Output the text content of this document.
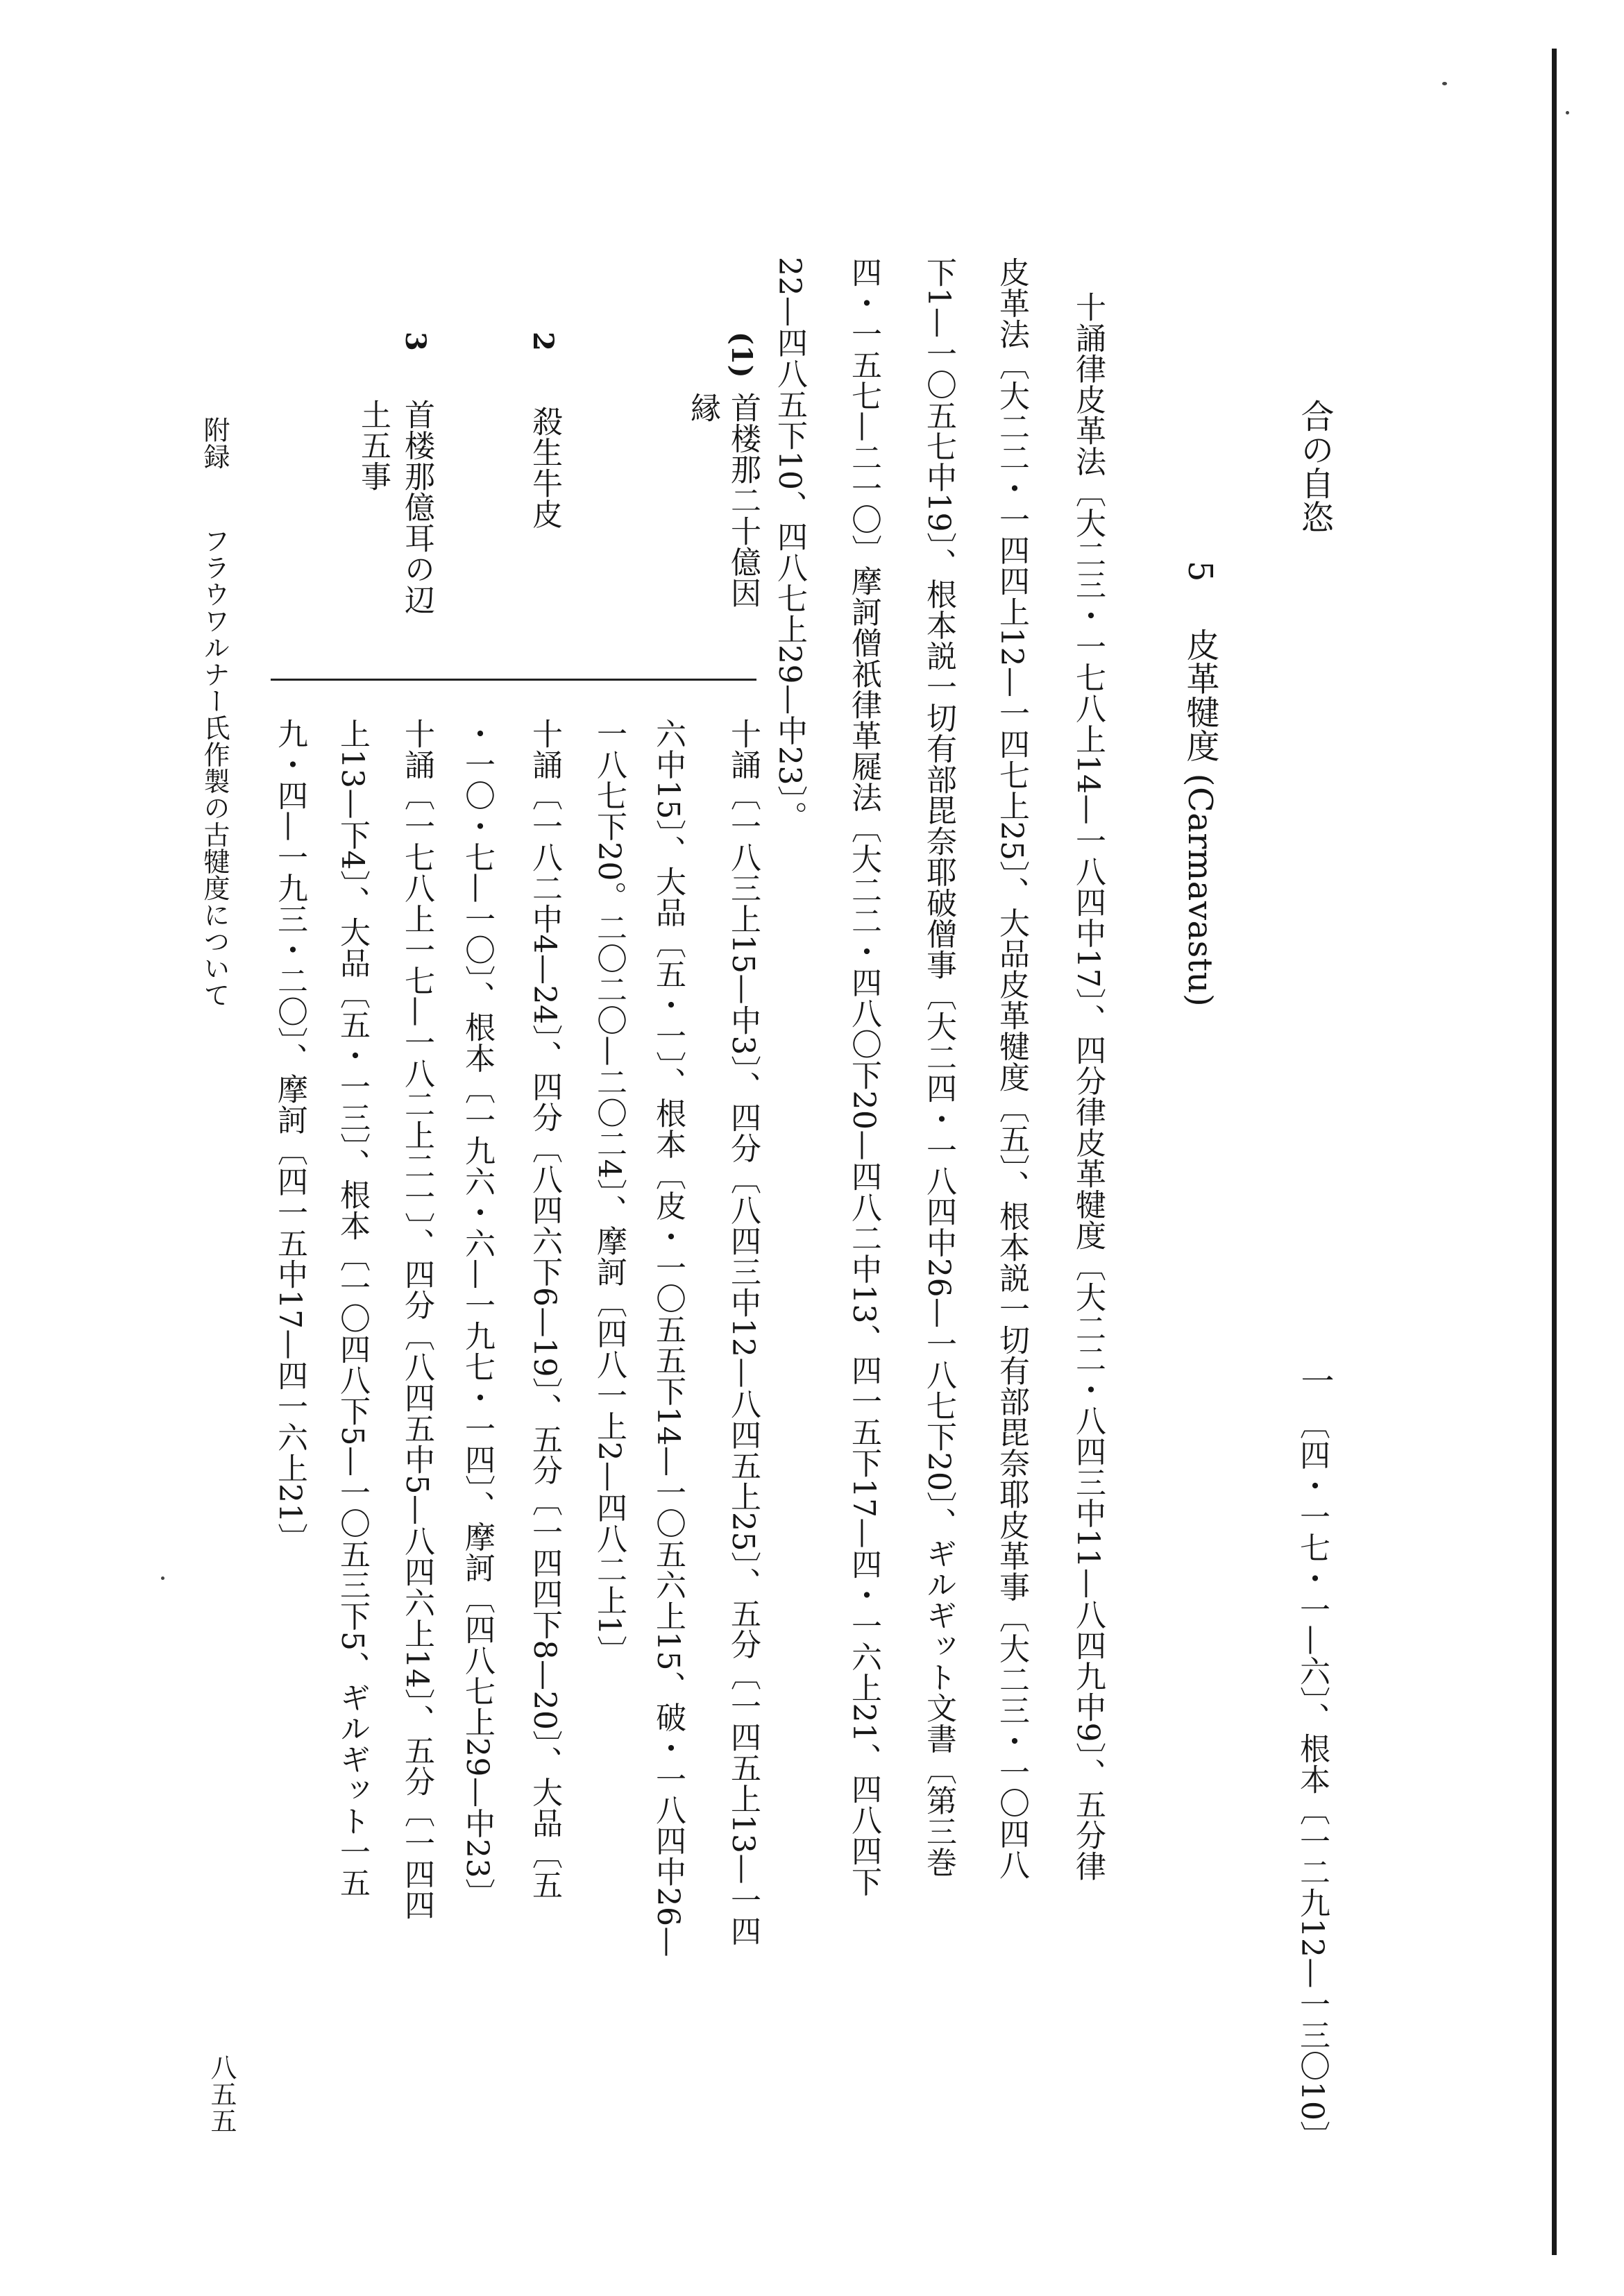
合の自恣
一
〔四・一七・一—六〕、根本〔一二九12—一三〇10〕
5
皮革犍度 (Carmavastu)
十誦律皮革法〔大二三・一七八上14—一八四中17〕、四分律皮革犍度〔大二二・八四三中11—八四九中9〕、五分律
皮革法〔大二二・一四四上12—一四七上25〕、大品皮革犍度〔五〕、根本説一切有部毘奈耶皮革事〔大二三・一〇四八
下1—一〇五七中19〕、根本説一切有部毘奈耶破僧事〔大二四・一八四中26—一八七下20〕、ギルギット文書〔第三巻
四・一五七—二一〇〕摩訶僧祇律革屣法〔大二二・四八〇下20—四八二中13、四一五下17—四・一六上21、四八四下
22—四八五下10、四八七上29—中23〕。
(1)
首楼那二十億因
縁
2
殺生牛皮
3
首楼那億耳の辺
土五事
十誦〔一八三上15—中3〕、四分〔八四三中12—八四五上25〕、五分〔一四五上13—一四
六中15〕、大品〔五・一〕、根本〔皮・一〇五五下14—一〇五六上15、破・一八四中26—
一八七下20。二〇二〇—二〇二4〕、摩訶〔四八一上2—四八二上1〕
十誦〔一八二中4—24〕、四分〔八四六下6—19〕、五分〔一四四下8—20〕、大品〔五
・一〇・七—一〇〕、根本〔一九六・六—一九七・一四〕、摩訶〔四八七上29—中23〕
十誦〔一七八上一七—一八二上二一〕、四分〔八四五中5—八四六上14〕、五分〔一四四
上13—下4〕、大品〔五・一三〕、根本〔一〇四八下5—一〇五三下5、ギルギット一五
九・四—一九三・二〇〕、摩訶〔四一五中17—四一六上21〕
附録
フラウワルナー氏作製の古犍度について
八五五
